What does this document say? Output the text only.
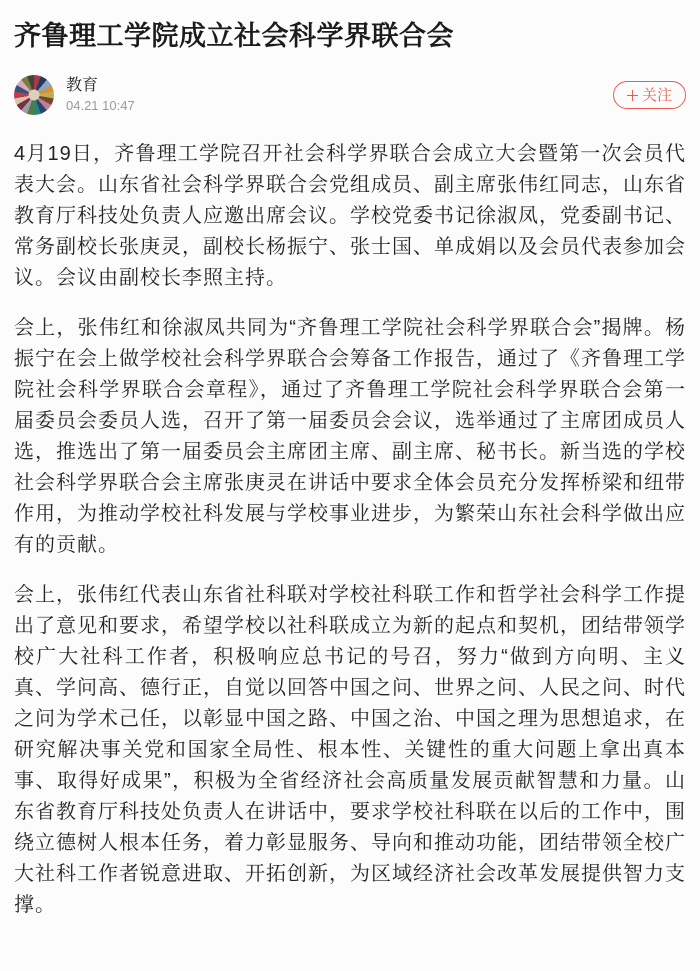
齐鲁理工学院成立社会科学界联合会
教育
04.21 10:47
关注

4月19日，齐鲁理工学院召开社会科学界联合会成立大会暨第一次会员代表大会。山东省社会科学界联合会党组成员、副主席张伟红同志，山东省教育厅科技处负责人应邀出席会议。学校党委书记徐淑凤，党委副书记、常务副校长张庚灵，副校长杨振宁、张士国、单成娟以及会员代表参加会议。会议由副校长李照主持。

会上，张伟红和徐淑凤共同为“齐鲁理工学院社会科学界联合会”揭牌。杨振宁在会上做学校社会科学界联合会筹备工作报告，通过了《齐鲁理工学院社会科学界联合会章程》，通过了齐鲁理工学院社会科学界联合会第一届委员会委员人选，召开了第一届委员会会议，选举通过了主席团成员人选，推选出了第一届委员会主席团主席、副主席、秘书长。新当选的学校社会科学界联合会主席张庚灵在讲话中要求全体会员充分发挥桥梁和纽带作用，为推动学校社科发展与学校事业进步，为繁荣山东社会科学做出应有的贡献。

会上，张伟红代表山东省社科联对学校社科联工作和哲学社会科学工作提出了意见和要求，希望学校以社科联成立为新的起点和契机，团结带领学校广大社科工作者，积极响应总书记的号召，努力“做到方向明、主义真、学问高、德行正，自觉以回答中国之问、世界之问、人民之问、时代之问为学术己任，以彰显中国之路、中国之治、中国之理为思想追求，在研究解决事关党和国家全局性、根本性、关键性的重大问题上拿出真本事、取得好成果”，积极为全省经济社会高质量发展贡献智慧和力量。山东省教育厅科技处负责人在讲话中，要求学校社科联在以后的工作中，围绕立德树人根本任务，着力彰显服务、导向和推动功能，团结带领全校广大社科工作者锐意进取、开拓创新，为区域经济社会改革发展提供智力支撑。
